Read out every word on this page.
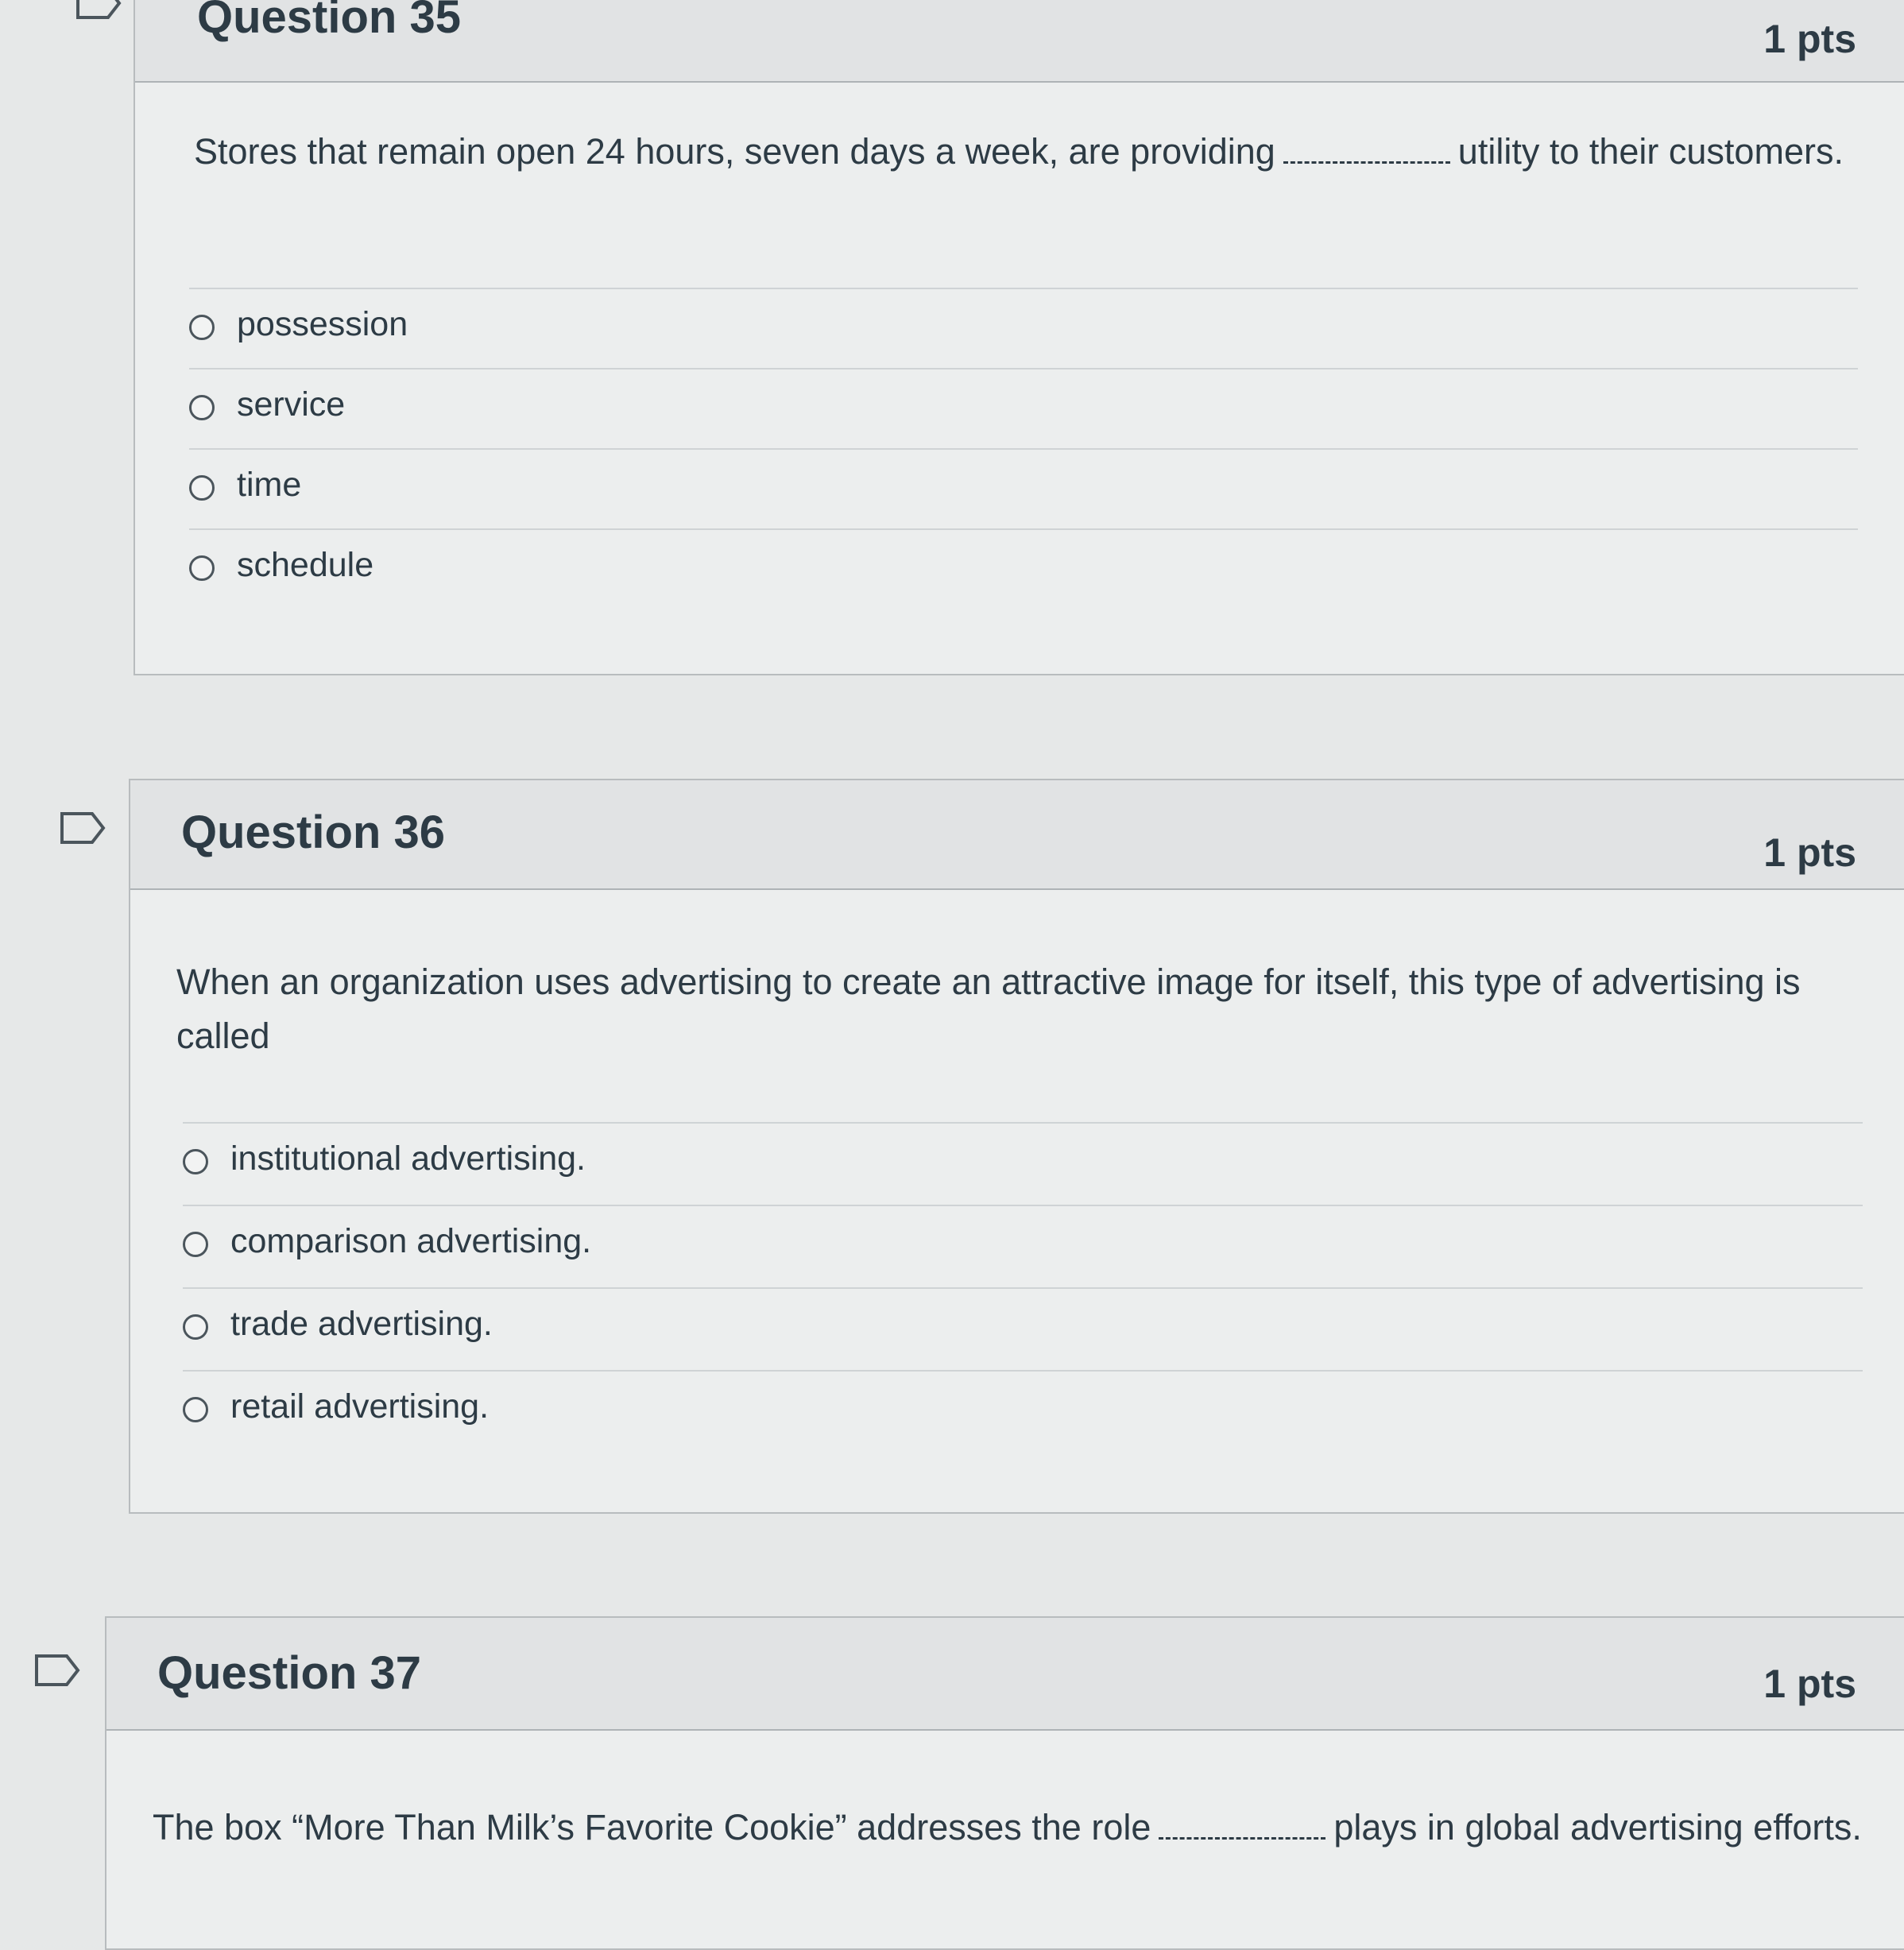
Question 35	1 pts
Stores that remain open 24 hours, seven days a week, are providing	utility to their customers.
possession
service
time
schedule
Question 36	1 pts
When an organization uses advertising to create an attractive image for itself, this type of advertising is called
institutional advertising.
comparison advertising.
trade advertising.
retail advertising.
Question 37	1 pts
The box “More Than Milk’s Favorite Cookie” addresses the role	plays in global advertising efforts.
